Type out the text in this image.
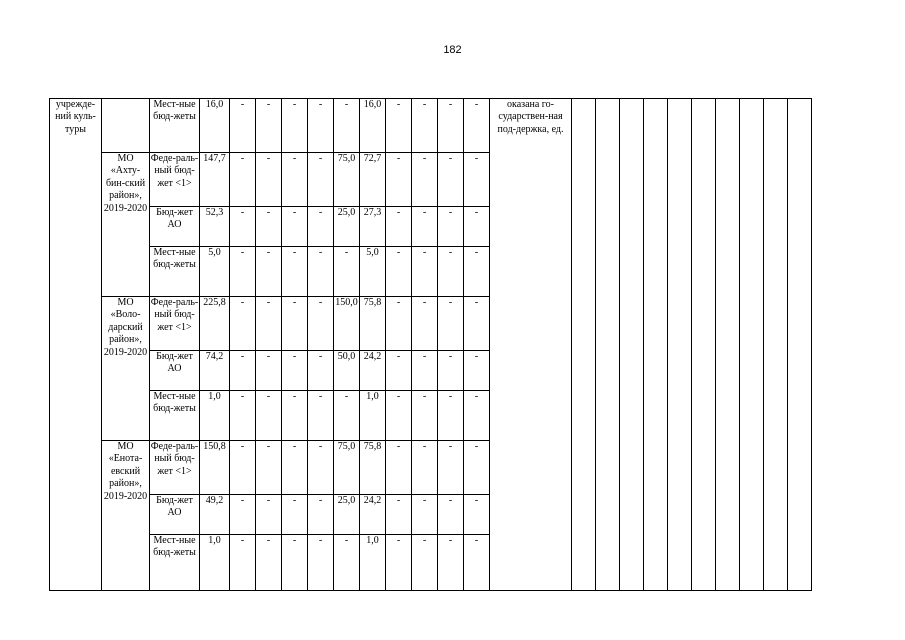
182
учрежде-ний куль-туры		Мест-ные бюд-жеты	16,0	-	-	-	-	-	16,0	-	-	-	-	оказана го-сударствен-ная под-держка, ед.										
	МО «Ахту-бин-ский район», 2019-2020	Феде-раль-ный бюд-жет <1>	147,7	-	-	-	-	75,0	72,7	-	-	-	-											
		Бюд-жет АО	52,3	-	-	-	-	25,0	27,3	-	-	-	-											
		Мест-ные бюд-жеты	5,0	-	-	-	-	-	5,0	-	-	-	-											
	МО «Воло-дарский район», 2019-2020	Феде-раль-ный бюд-жет <1>	225,8	-	-	-	-	150,0	75,8	-	-	-	-											
		Бюд-жет АО	74,2	-	-	-	-	50,0	24,2	-	-	-	-											
		Мест-ные бюд-жеты	1,0	-	-	-	-	-	1,0	-	-	-	-											
	МО «Енота-евский район», 2019-2020	Феде-раль-ный бюд-жет <1>	150,8	-	-	-	-	75,0	75,8	-	-	-	-											
		Бюд-жет АО	49,2	-	-	-	-	25,0	24,2	-	-	-	-											
		Мест-ные бюд-жеты	1,0	-	-	-	-	-	1,0	-	-	-	-											
